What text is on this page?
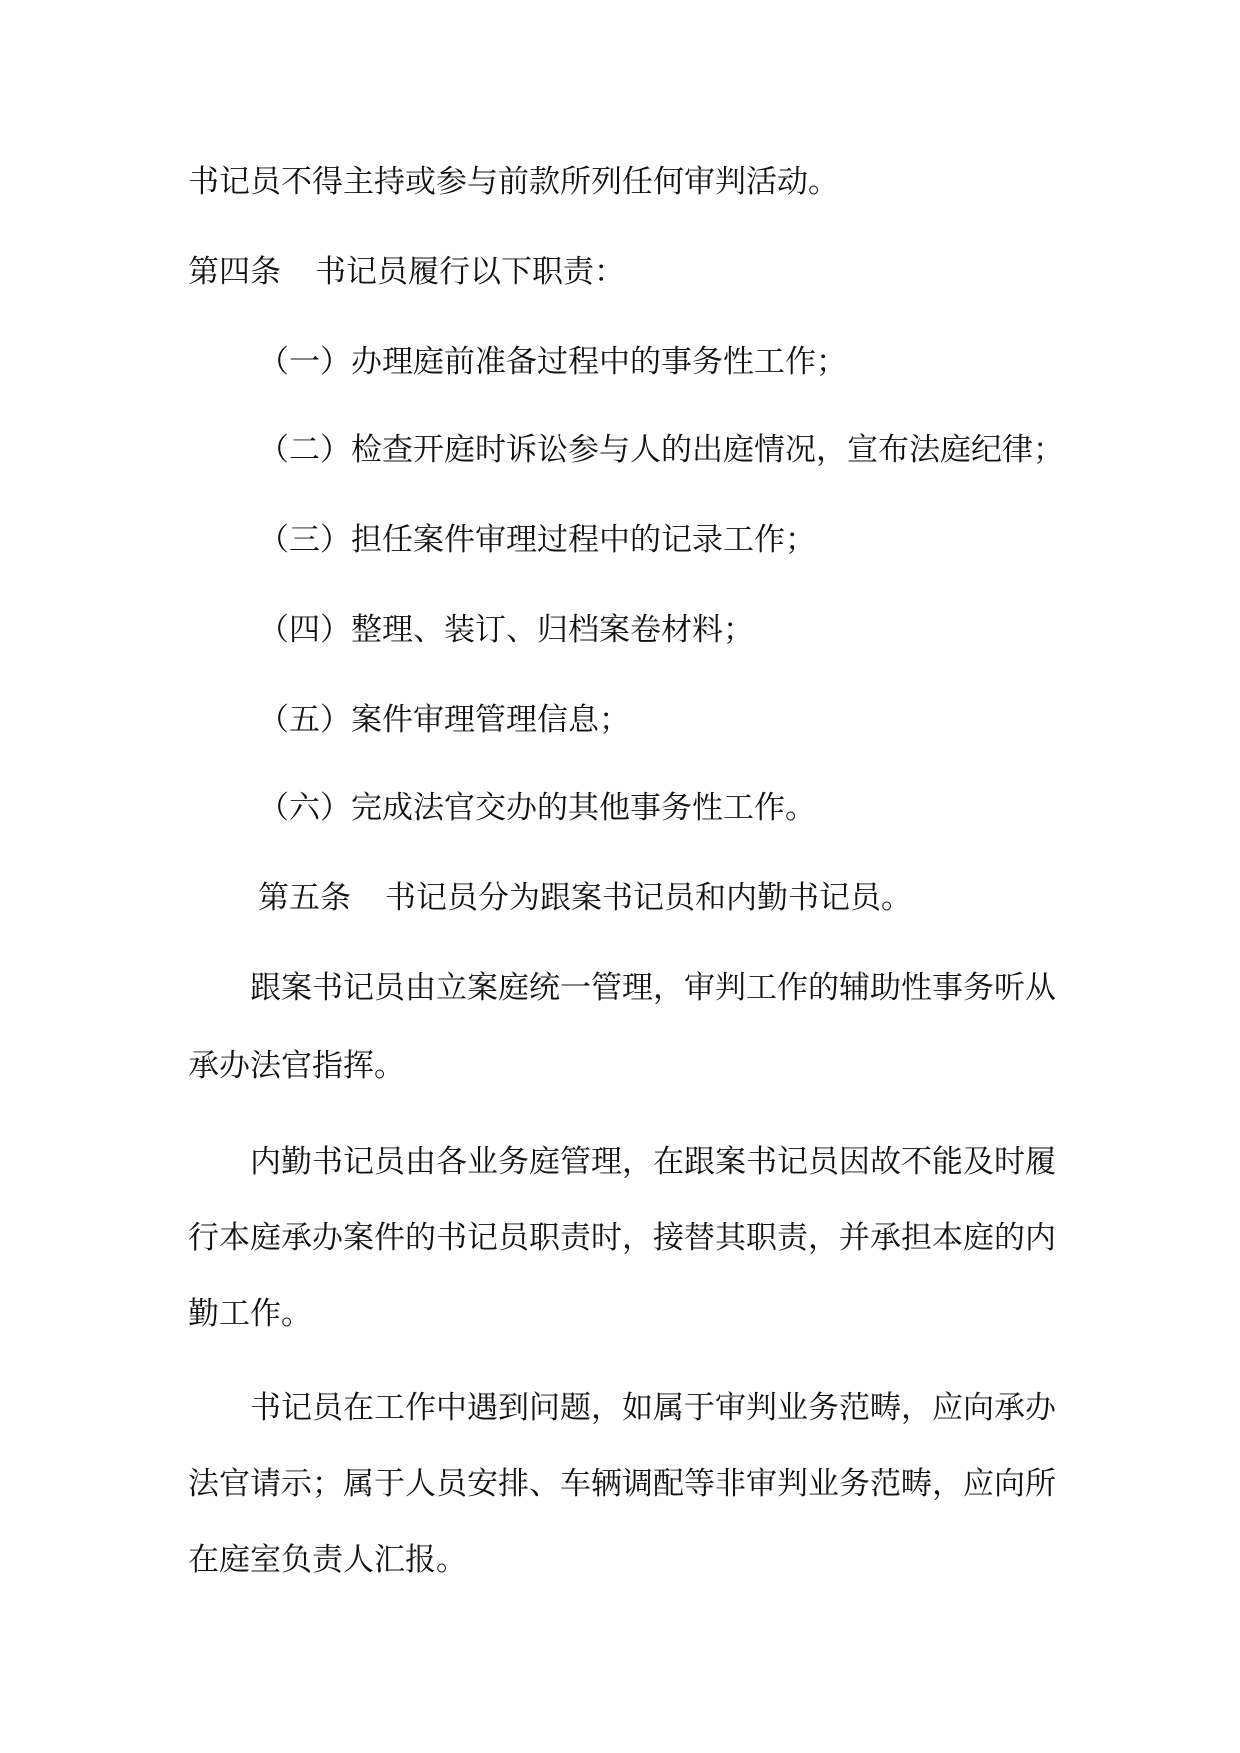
书记员不得主持或参与前款所列任何审判活动。

第四条 书记员履行以下职责：

（一）办理庭前准备过程中的事务性工作；

（二）检查开庭时诉讼参与人的出庭情况，宣布法庭纪律；

（三）担任案件审理过程中的记录工作；

（四）整理、装订、归档案卷材料；

（五）案件审理管理信息；

（六）完成法官交办的其他事务性工作。

第五条 书记员分为跟案书记员和内勤书记员。

跟案书记员由立案庭统一管理，审判工作的辅助性事务听从

承办法官指挥。

内勤书记员由各业务庭管理，在跟案书记员因故不能及时履

行本庭承办案件的书记员职责时，接替其职责，并承担本庭的内

勤工作。

书记员在工作中遇到问题，如属于审判业务范畴，应向承办

法官请示；属于人员安排、车辆调配等非审判业务范畴，应向所

在庭室负责人汇报。
